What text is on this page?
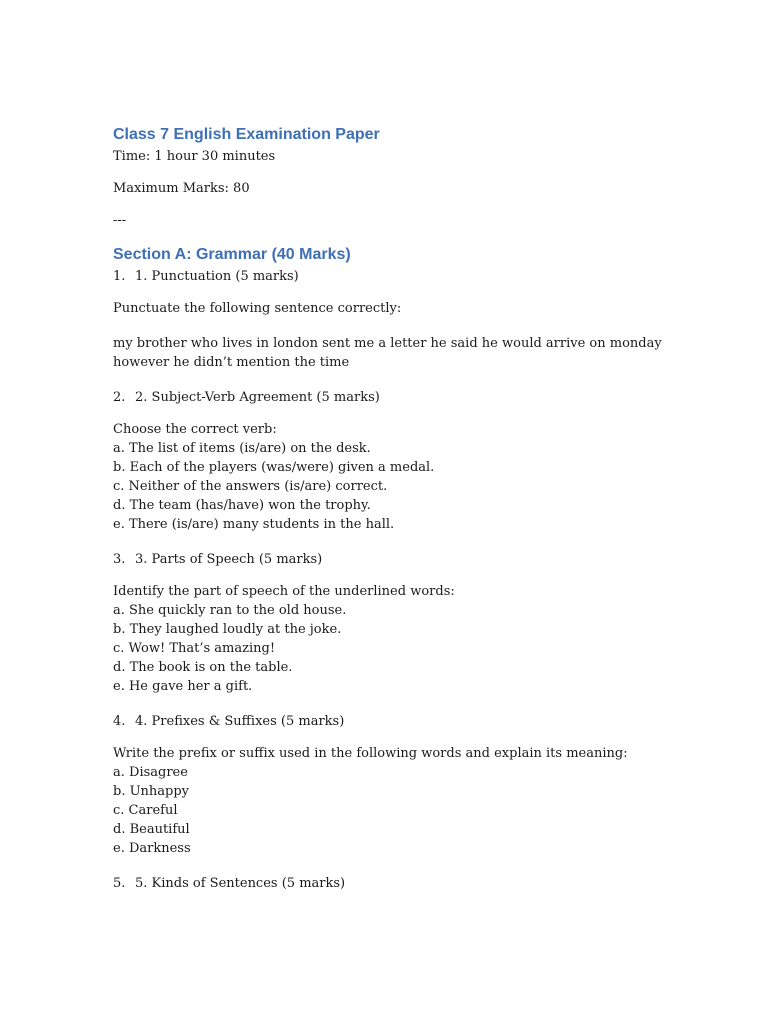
Class 7 English Examination Paper

Time: 1 hour 30 minutes

Maximum Marks: 80

---

Section A: Grammar (40 Marks)
1. 1. Punctuation (5 marks)

Punctuate the following sentence correctly:

my brother who lives in london sent me a letter he said he would arrive on monday

however he didn’t mention the time

2. 2. Subject-Verb Agreement (5 marks)

Choose the correct verb:

a. The list of items (is/are) on the desk.

b. Each of the players (was/were) given a medal.

c. Neither of the answers (is/are) correct.

d. The team (has/have) won the trophy.

e. There (is/are) many students in the hall.

3. 3. Parts of Speech (5 marks)

Identify the part of speech of the underlined words:

a. She quickly ran to the old house.

b. They laughed loudly at the joke.

c. Wow! That’s amazing!

d. The book is on the table.

e. He gave her a gift.

4. 4. Prefixes & Suffixes (5 marks)

Write the prefix or suffix used in the following words and explain its meaning:

a. Disagree

b. Unhappy

c. Careful

d. Beautiful

e. Darkness

5. 5. Kinds of Sentences (5 marks)
